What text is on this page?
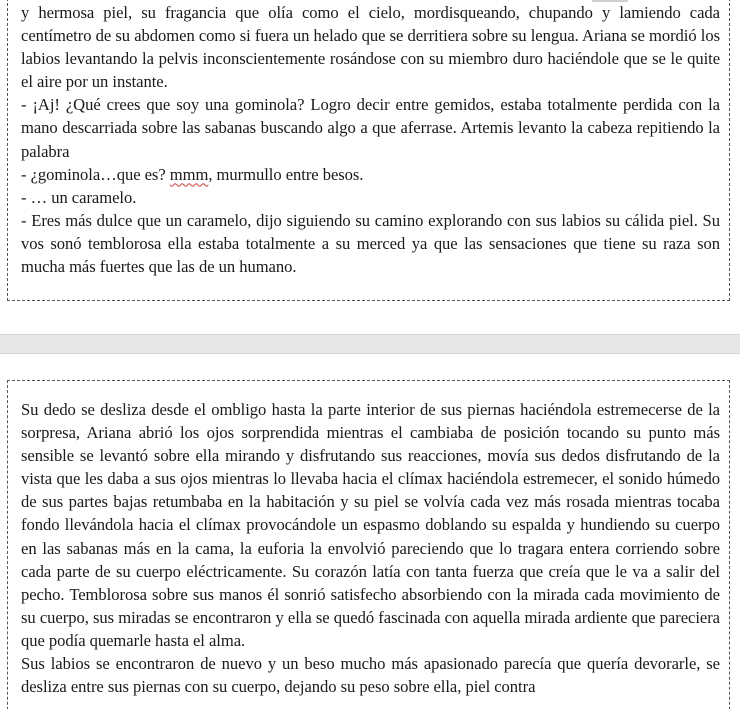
y hermosa piel, su fragancia que olía como el cielo, mordisqueando, chupando y lamiendo cada centímetro de su abdomen como si fuera un helado que se derritiera sobre su lengua. Ariana se mordió los labios levantando la pelvis inconscientemente rosándose con su miembro duro haciéndole que se le quite el aire por un instante.

- ¡Aj! ¿Qué crees que soy una gominola? Logro decir entre gemidos, estaba totalmente perdida con la mano descarriada sobre las sabanas buscando algo a que aferrase. Artemis levanto la cabeza repitiendo la palabra

- ¿gominola…que es? mmm, murmullo entre besos.

- … un caramelo.

- Eres más dulce que un caramelo, dijo siguiendo su camino explorando con sus labios su cálida piel. Su vos sonó temblorosa ella estaba totalmente a su merced ya que las sensaciones que tiene su raza son mucha más fuertes que las de un humano.

Su dedo se desliza desde el ombligo hasta la parte interior de sus piernas haciéndola estremecerse de la sorpresa, Ariana abrió los ojos sorprendida mientras el cambiaba de posición tocando su punto más sensible se levantó sobre ella mirando y disfrutando sus reacciones, movía sus dedos disfrutando de la vista que les daba a sus ojos mientras lo llevaba hacia el clímax haciéndola estremecer, el sonido húmedo de sus partes bajas retumbaba en la habitación y su piel se volvía cada vez más rosada mientras tocaba fondo llevándola hacia el clímax provocándole un espasmo doblando su espalda y hundiendo su cuerpo en las sabanas más en la cama, la euforia la envolvió pareciendo que lo tragara entera corriendo sobre cada parte de su cuerpo eléctricamente. Su corazón latía con tanta fuerza que creía que le va a salir del pecho. Temblorosa sobre sus manos él sonrió satisfecho absorbiendo con la mirada cada movimiento de su cuerpo, sus miradas se encontraron y ella se quedó fascinada con aquella mirada ardiente que pareciera que podía quemarle hasta el alma.

Sus labios se encontraron de nuevo y un beso mucho más apasionado parecía que quería devorarle, se desliza entre sus piernas con su cuerpo, dejando su peso sobre ella, piel contra
